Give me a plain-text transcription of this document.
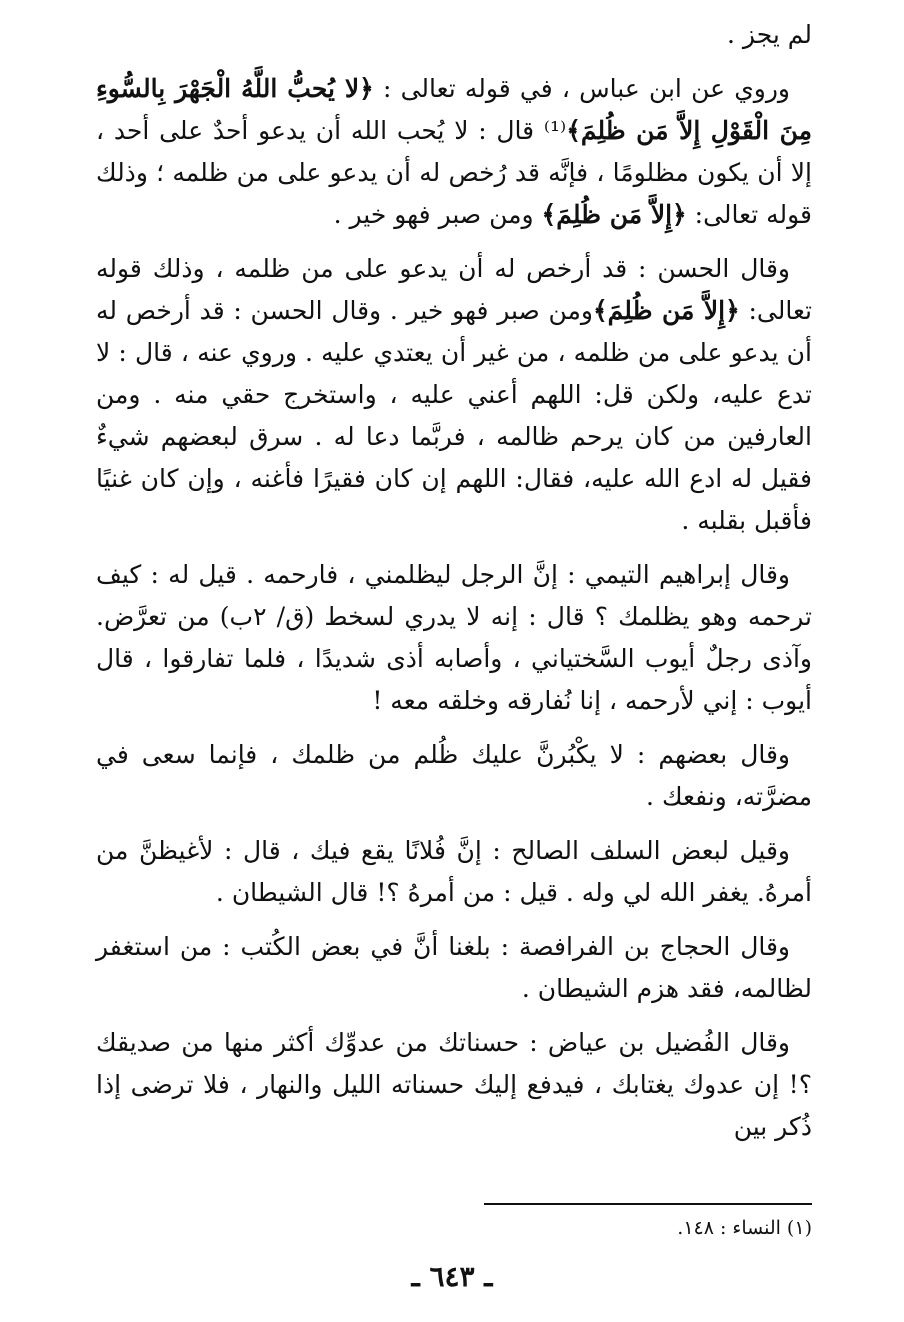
لم يجز .

وروي عن ابن عباس ، في قوله تعالى : ﴿لا يُحبُّ اللَّهُ الْجَهْرَ بِالسُّوءِ مِنَ الْقَوْلِ إِلاَّ مَن ظُلِمَ﴾⁽¹⁾ قال : لا يُحب الله أن يدعو أحدٌ على أحد ، إلا أن يكون مظلومًا ، فإنَّه قد رُخص له أن يدعو على من ظلمه ؛ وذلك قوله تعالى: ﴿إِلاَّ مَن ظُلِمَ﴾ ومن صبر فهو خير .

وقال الحسن : قد أرخص له أن يدعو على من ظلمه ، وذلك قوله تعالى: ﴿إِلاَّ مَن ظُلِمَ﴾ومن صبر فهو خير . وقال الحسن : قد أرخص له أن يدعو على من ظلمه ، من غير أن يعتدي عليه . وروي عنه ، قال : لا تدع عليه، ولكن قل: اللهم أعني عليه ، واستخرج حقي منه . ومن العارفين من كان يرحم ظالمه ، فربَّما دعا له . سرق لبعضهم شيءٌ فقيل له ادع الله عليه، فقال: اللهم إن كان فقيرًا فأغنه ، وإن كان غنيًا فأقبل بقلبه .

وقال إبراهيم التيمي : إنَّ الرجل ليظلمني ، فارحمه . قيل له : كيف ترحمه وهو يظلمك ؟ قال : إنه لا يدري لسخط (ق/ ٢ب) من تعرَّض. وآذى رجلٌ أيوب السَّختياني ، وأصابه أذى شديدًا ، فلما تفارقوا ، قال أيوب : إني لأرحمه ، إنا نُفارقه وخلقه معه !

وقال بعضهم : لا يكْبُرنَّ عليك ظُلم من ظلمك ، فإنما سعى في مضرَّته، ونفعك .

وقيل لبعض السلف الصالح : إنَّ فُلانًا يقع فيك ، قال : لأغيظنَّ من أمرهُ. يغفر الله لي وله . قيل : من أمرهُ ؟! قال الشيطان .

وقال الحجاج بن الفرافصة : بلغنا أنَّ في بعض الكُتب : من استغفر لظالمه، فقد هزم الشيطان .

وقال الفُضيل بن عياض : حسناتك من عدوِّك أكثر منها من صديقك ؟! إن عدوك يغتابك ، فيدفع إليك حسناته الليل والنهار ، فلا ترضى إذا ذُكر بين

(١) النساء : ١٤٨.
ـ ٦٤٣ ـ
